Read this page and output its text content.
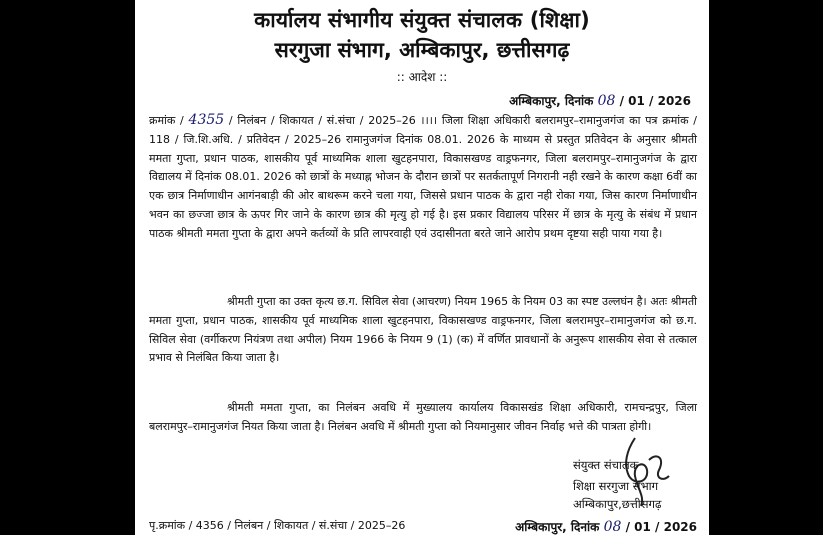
कार्यालय संभागीय संयुक्त संचालक (शिक्षा)
सरगुजा संभाग, अम्बिकापुर, छत्तीसगढ़
:: आदेश ::
अम्बिकापुर, दिनांक 08 / 01 / 2026
क्रमांक / 4355 / निलंबन / शिकायत / सं.संचा / 2025–26 ।।।। जिला शिक्षा अधिकारी बलरामपुर–रामानुजगंज का पत्र क्रमांक / 118 / जि.शि.अधि. / प्रतिवेदन / 2025–26 रामानुजगंज दिनांक 08.01. 2026 के माध्यम से प्रस्तुत प्रतिवेदन के अनुसार श्रीमती ममता गुप्ता, प्रधान पाठक, शासकीय पूर्व माध्यमिक शाला खुटहनपारा, विकासखण्ड वाड्रफनगर, जिला बलरामपुर–रामानुजगंज के द्वारा विद्यालय में दिनांक 08.01. 2026 को छात्रों के मध्याह्न भोजन के दौरान छात्रों पर सतर्कतापूर्ण निगरानी नही रखने के कारण कक्षा 6वीं का एक छात्र निर्माणाधीन आगंनबाड़ी की ओर बाथरूम करने चला गया, जिससे प्रधान पाठक के द्वारा नही रोका गया, जिस कारण निर्माणाधीन भवन का छज्जा छात्र के ऊपर गिर जाने के कारण छात्र की मृत्यु हो गई है। इस प्रकार विद्यालय परिसर में छात्र के मृत्यु के संबंध में प्रधान पाठक श्रीमती ममता गुप्ता के द्वारा अपने कर्तव्यों के प्रति लापरवाही एवं उदासीनता बरते जाने आरोप प्रथम दृष्टया सही पाया गया है।
श्रीमती गुप्ता का उक्त कृत्य छ.ग. सिविल सेवा (आचरण) नियम 1965 के नियम 03 का स्पष्ट उल्लघंन है। अतः श्रीमती ममता गुप्ता, प्रधान पाठक, शासकीय पूर्व माध्यमिक शाला खुटहनपारा, विकासखण्ड वाड्रफनगर, जिला बलरामपुर–रामानुजगंज को छ.ग. सिविल सेवा (वर्गीकरण नियंत्रण तथा अपील) नियम 1966 के नियम 9 (1) (क) में वर्णित प्रावधानों के अनुरूप शासकीय सेवा से तत्काल प्रभाव से निलंबित किया जाता है।
श्रीमती ममता गुप्ता, का निलंबन अवधि में मुख्यालय कार्यालय विकासखंड शिक्षा अधिकारी, रामचन्द्रपुर, जिला बलरामपुर–रामानुजगंज नियत किया जाता है। निलंबन अवधि में श्रीमती गुप्ता को नियमानुसार जीवन निर्वाह भत्ते की पात्रता होगी।
संयुक्त संचालक
शिक्षा सरगुजा संभाग
अम्बिकापुर,छत्तीसगढ़
पृ.क्रमांक / 4356 / निलंबन / शिकायत / सं.संचा / 2025–26	अम्बिकापुर, दिनांक 08 / 01 / 2026
